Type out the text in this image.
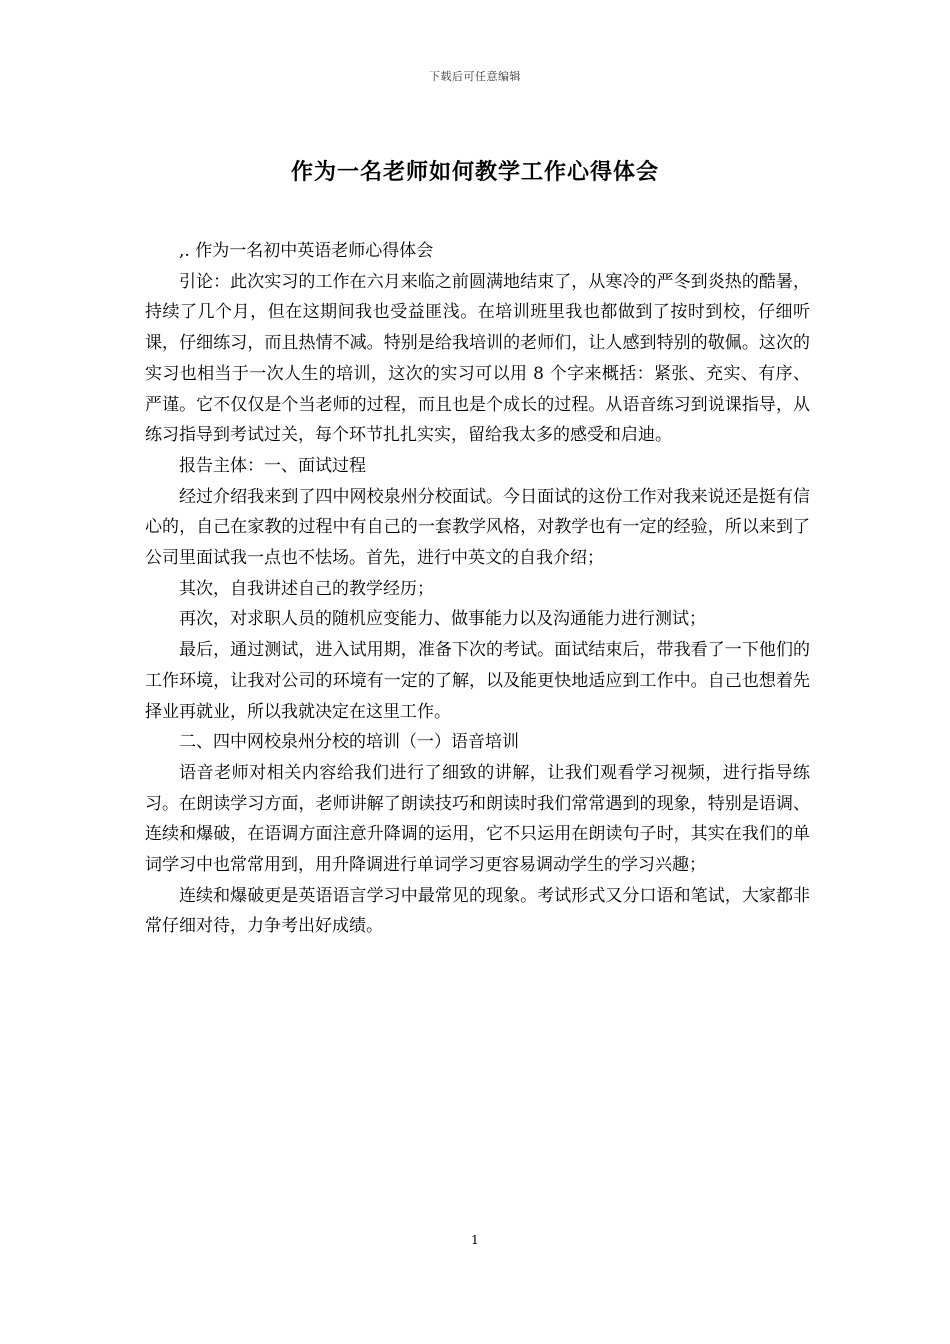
下载后可任意编辑
作为一名老师如何教学工作心得体会

,. 作为一名初中英语老师心得体会

引论：此次实习的工作在六月来临之前圆满地结束了，从寒冷的严冬到炎热的酷暑，持续了几个月，但在这期间我也受益匪浅。在培训班里我也都做到了按时到校，仔细听课，仔细练习，而且热情不减。特别是给我培训的老师们，让人感到特别的敬佩。这次的实习也相当于一次人生的培训，这次的实习可以用 8 个字来概括：紧张、充实、有序、严谨。它不仅仅是个当老师的过程，而且也是个成长的过程。从语音练习到说课指导，从练习指导到考试过关，每个环节扎扎实实，留给我太多的感受和启迪。

报告主体：一、面试过程

经过介绍我来到了四中网校泉州分校面试。今日面试的这份工作对我来说还是挺有信心的，自己在家教的过程中有自己的一套教学风格，对教学也有一定的经验，所以来到了公司里面试我一点也不怯场。首先，进行中英文的自我介绍；

其次，自我讲述自己的教学经历；

再次，对求职人员的随机应变能力、做事能力以及沟通能力进行测试；

最后，通过测试，进入试用期，准备下次的考试。面试结束后，带我看了一下他们的工作环境，让我对公司的环境有一定的了解，以及能更快地适应到工作中。自己也想着先择业再就业，所以我就决定在这里工作。

二、四中网校泉州分校的培训（一）语音培训

语音老师对相关内容给我们进行了细致的讲解，让我们观看学习视频，进行指导练习。在朗读学习方面，老师讲解了朗读技巧和朗读时我们常常遇到的现象，特别是语调、连续和爆破，在语调方面注意升降调的运用，它不只运用在朗读句子时，其实在我们的单词学习中也常常用到，用升降调进行单词学习更容易调动学生的学习兴趣；

连续和爆破更是英语语言学习中最常见的现象。考试形式又分口语和笔试，大家都非常仔细对待，力争考出好成绩。

1
